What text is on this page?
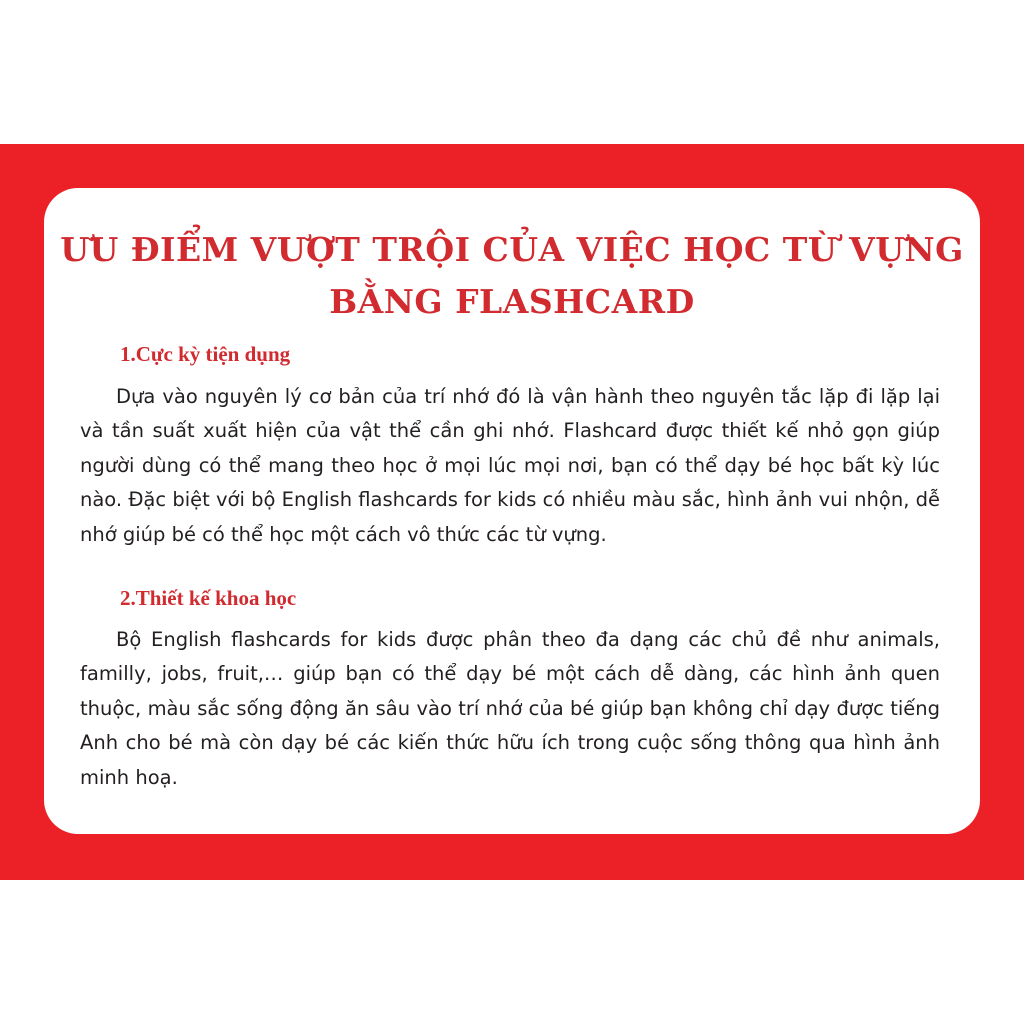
ƯU ĐIỂM VƯỢT TRỘI CỦA VIỆC HỌC TỪ VỰNG
BẰNG FLASHCARD
1.Cực kỳ tiện dụng

Dựa vào nguyên lý cơ bản của trí nhớ đó là vận hành theo nguyên tắc lặp đi lặp lại và tần suất xuất hiện của vật thể cần ghi nhớ. Flashcard được thiết kế nhỏ gọn giúp người dùng có thể mang theo học ở mọi lúc mọi nơi, bạn có thể dạy bé học bất kỳ lúc nào. Đặc biệt với bộ English flashcards for kids có nhiều màu sắc, hình ảnh vui nhộn, dễ nhớ giúp bé có thể học một cách vô thức các từ vựng.

2.Thiết kế khoa học

Bộ English flashcards for kids được phân theo đa dạng các chủ đề như animals, familly, jobs, fruit,… giúp bạn có thể dạy bé một cách dễ dàng, các hình ảnh quen thuộc, màu sắc sống động ăn sâu vào trí nhớ của bé giúp bạn không chỉ dạy được tiếng Anh cho bé mà còn dạy bé các kiến thức hữu ích trong cuộc sống thông qua hình ảnh minh hoạ.
